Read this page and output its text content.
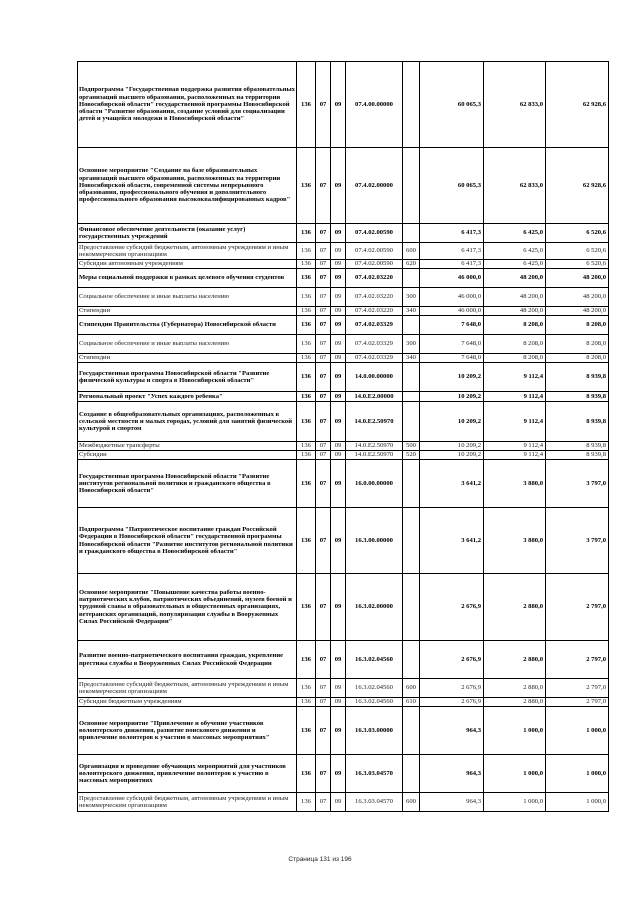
Подпрограмма "Государственная поддержка развития образовательных организаций высшего образования, расположенных на территории Новосибирской области" государственной программы Новосибирской области "Развитие образования, создание условий для социализации детей и учащейся молодежи в Новосибирской области"	136	07	09	07.4.00.00000		60 065,3	62 833,0	62 928,6
Основное мероприятие "Создание на базе образовательных организаций высшего образования, расположенных на территории Новосибирской области, современной системы непрерывного образования, профессионального обучения и дополнительного профессионального образования высококвалифицированных кадров"	136	07	09	07.4.02.00000		60 065,3	62 833,0	62 928,6
Финансовое обеспечение деятельности (оказание услуг) государственных учреждений	136	07	09	07.4.02.00590		6 417,3	6 425,0	6 520,6
Предоставление субсидий бюджетным, автономным учреждениям и иным некоммерческим организациям	136	07	09	07.4.02.00590	600	6 417,3	6 425,0	6 520,6
Субсидии автономным учреждениям	136	07	09	07.4.02.00590	620	6 417,3	6 425,0	6 520,6
Меры социальной поддержки в рамках целевого обучения студентов	136	07	09	07.4.02.03220		46 000,0	48 200,0	48 200,0
Социальное обеспечение и иные выплаты населению	136	07	09	07.4.02.03220	300	46 000,0	48 200,0	48 200,0
Стипендии	136	07	09	07.4.02.03220	340	46 000,0	48 200,0	48 200,0
Стипендии Правительства (Губернатора) Новосибирской области	136	07	09	07.4.02.03329		7 648,0	8 208,0	8 208,0
Социальное обеспечение и иные выплаты населению	136	07	09	07.4.02.03329	300	7 648,0	8 208,0	8 208,0
Стипендии	136	07	09	07.4.02.03329	340	7 648,0	8 208,0	8 208,0
Государственная программа Новосибирской области "Развитие физической культуры и спорта в Новосибирской области"	136	07	09	14.0.00.00000		10 209,2	9 112,4	8 939,8
Региональный проект "Успех каждого ребенка"	136	07	09	14.0.E2.00000		10 209,2	9 112,4	8 939,8
Создание в общеобразовательных организациях, расположенных в сельской местности и малых городах, условий для занятий физической культурой и спортом	136	07	09	14.0.E2.50970		10 209,2	9 112,4	8 939,8
Межбюджетные трансферты	136	07	09	14.0.E2.50970	500	10 209,2	9 112,4	8 939,8
Субсидии	136	07	09	14.0.E2.50970	520	10 209,2	9 112,4	8 939,8
Государственная программа Новосибирской области "Развитие институтов региональной политики и гражданского общества в Новосибирской области"	136	07	09	16.0.00.00000		3 641,2	3 880,0	3 797,0
Подпрограмма "Патриотическое воспитание граждан Российской Федерации в Новосибирской области" государственной программы Новосибирской области "Развитие институтов региональной политики и гражданского общества в Новосибирской области"	136	07	09	16.3.00.00000		3 641,2	3 880,0	3 797,0
Основное мероприятие "Повышение качества работы военно-патриотических клубов, патриотических объединений, музеев боевой и трудовой славы в образовательных и общественных организациях, ветеранских организаций, популяризация службы в Вооруженных Силах Российской Федерации"	136	07	09	16.3.02.00000		2 676,9	2 880,0	2 797,0
Развитие военно-патриотического воспитания граждан, укрепление престижа службы в Вооруженных Силах Российской Федерации	136	07	09	16.3.02.04560		2 676,9	2 880,0	2 797,0
Предоставление субсидий бюджетным, автономным учреждениям и иным некоммерческим организациям	136	07	09	16.3.02.04560	600	2 676,9	2 880,0	2 797,0
Субсидии бюджетным учреждениям	136	07	09	16.3.02.04560	610	2 676,9	2 880,0	2 797,0
Основное мероприятие "Привлечение и обучение участников волонтерского движения, развитие поискового движения и привлечение волонтеров к участию в массовых мероприятиях"	136	07	09	16.3.03.00000		964,3	1 000,0	1 000,0
Организация и проведение обучающих мероприятий для участников волонтерского движения, привлечение волонтеров к участию в массовых мероприятиях	136	07	09	16.3.03.04570		964,3	1 000,0	1 000,0
Предоставление субсидий бюджетным, автономным учреждениям и иным некоммерческим организациям	136	07	09	16.3.03.04570	600	964,3	1 000,0	1 000,0
Страница 131 из 196
